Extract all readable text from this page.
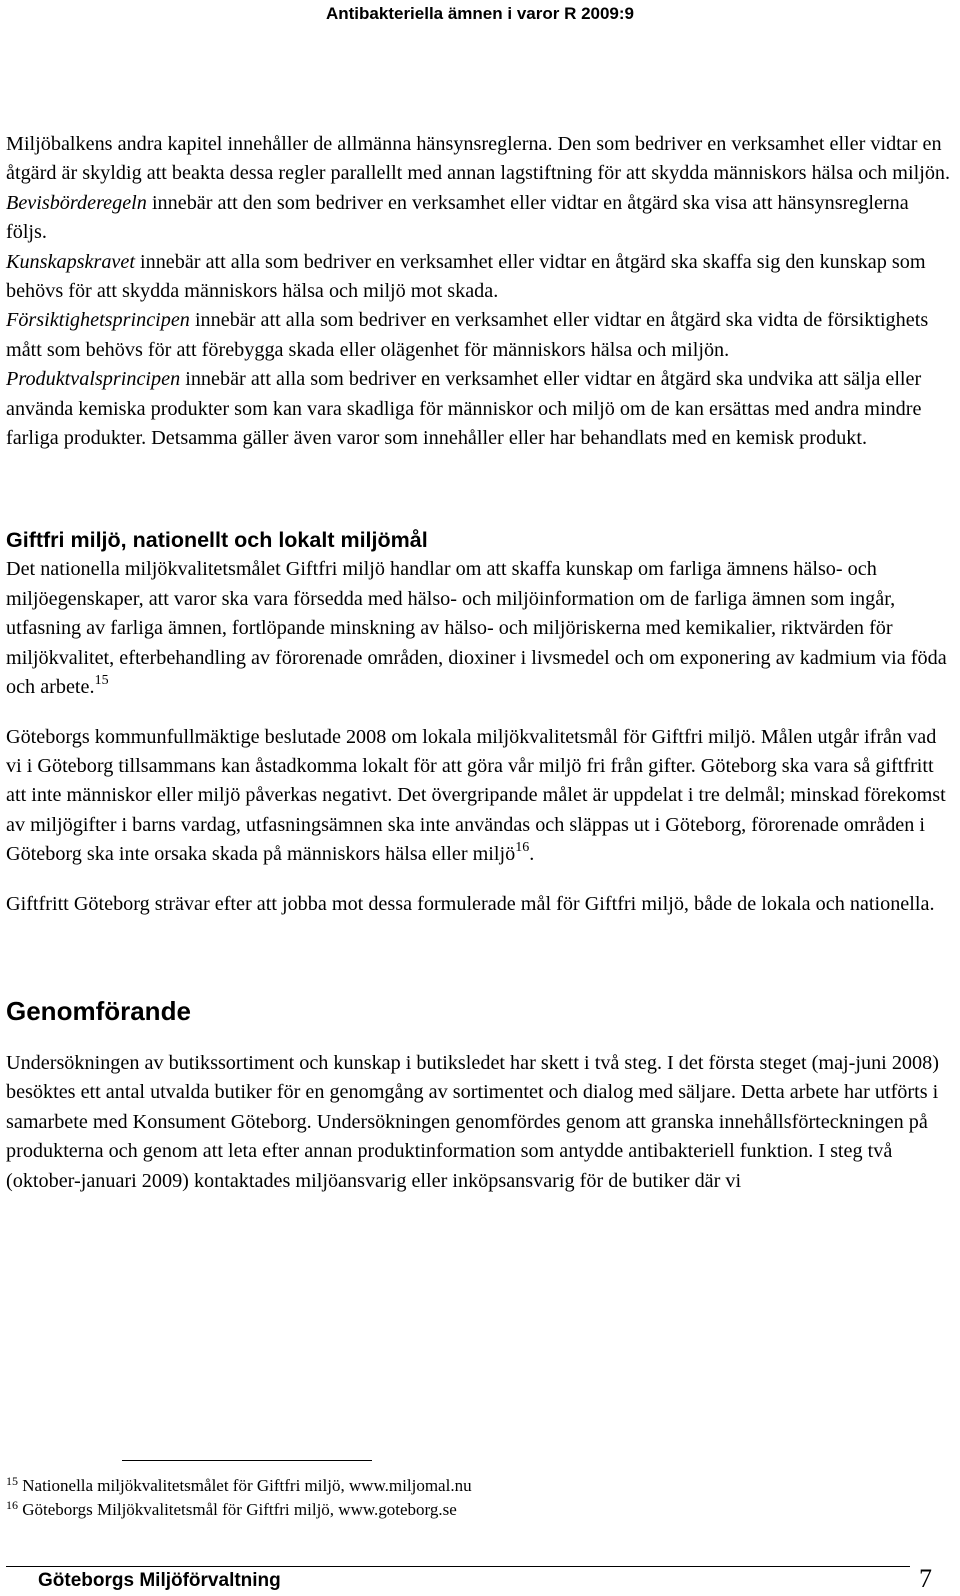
Antibakteriella ämnen i varor R 2009:9

Miljöbalkens andra kapitel innehåller de allmänna hänsynsreglerna. Den som bedriver en verksamhet eller vidtar en åtgärd är skyldig att beakta dessa regler parallellt med annan lagstiftning för att skydda människors hälsa och miljön.

Bevisbörderegeln innebär att den som bedriver en verksamhet eller vidtar en åtgärd ska visa att hänsynsreglerna följs.

Kunskapskravet innebär att alla som bedriver en verksamhet eller vidtar en åtgärd ska skaffa sig den kunskap som behövs för att skydda människors hälsa och miljö mot skada.

Försiktighetsprincipen innebär att alla som bedriver en verksamhet eller vidtar en åtgärd ska vidta de försiktighets mått som behövs för att förebygga skada eller olägenhet för människors hälsa och miljön.

Produktvalsprincipen innebär att alla som bedriver en verksamhet eller vidtar en åtgärd ska undvika att sälja eller använda kemiska produkter som kan vara skadliga för människor och miljö om de kan ersättas med andra mindre farliga produkter. Detsamma gäller även varor som innehåller eller har behandlats med en kemisk produkt.

Giftfri miljö, nationellt och lokalt miljömål

Det nationella miljökvalitetsmålet Giftfri miljö handlar om att skaffa kunskap om farliga ämnens hälso- och miljöegenskaper, att varor ska vara försedda med hälso- och miljöinformation om de farliga ämnen som ingår, utfasning av farliga ämnen, fortlöpande minskning av hälso- och miljöriskerna med kemikalier, riktvärden för miljökvalitet, efterbehandling av förorenade områden, dioxiner i livsmedel och om exponering av kadmium via föda och arbete.$^{15}$

Göteborgs kommunfullmäktige beslutade 2008 om lokala miljökvalitetsmål för Giftfri miljö. Målen utgår ifrån vad vi i Göteborg tillsammans kan åstadkomma lokalt för att göra vår miljö fri från gifter. Göteborg ska vara så giftfritt att inte människor eller miljö påverkas negativt. Det övergripande målet är uppdelat i tre delmål; minskad förekomst av miljögifter i barns vardag, utfasningsämnen ska inte användas och släppas ut i Göteborg, förorenade områden i Göteborg ska inte orsaka skada på människors hälsa eller miljö$^{16}$.

Giftfritt Göteborg strävar efter att jobba mot dessa formulerade mål för Giftfri miljö, både de lokala och nationella.

Genomförande

Undersökningen av butikssortiment och kunskap i butiksledet har skett i två steg. I det första steget (maj-juni 2008) besöktes ett antal utvalda butiker för en genomgång av sortimentet och dialog med säljare. Detta arbete har utförts i samarbete med Konsument Göteborg. Undersökningen genomfördes genom att granska innehållsförteckningen på produkterna och genom att leta efter annan produktinformation som antydde antibakteriell funktion. I steg två (oktober-januari 2009) kontaktades miljöansvarig eller inköpsansvarig för de butiker där vi

$^{15}$ Nationella miljökvalitetsmålet för Giftfri miljö, www.miljomal.nu
$^{16}$ Göteborgs Miljökvalitetsmål för Giftfri miljö, www.goteborg.se
Göteborgs Miljöförvaltning	7
